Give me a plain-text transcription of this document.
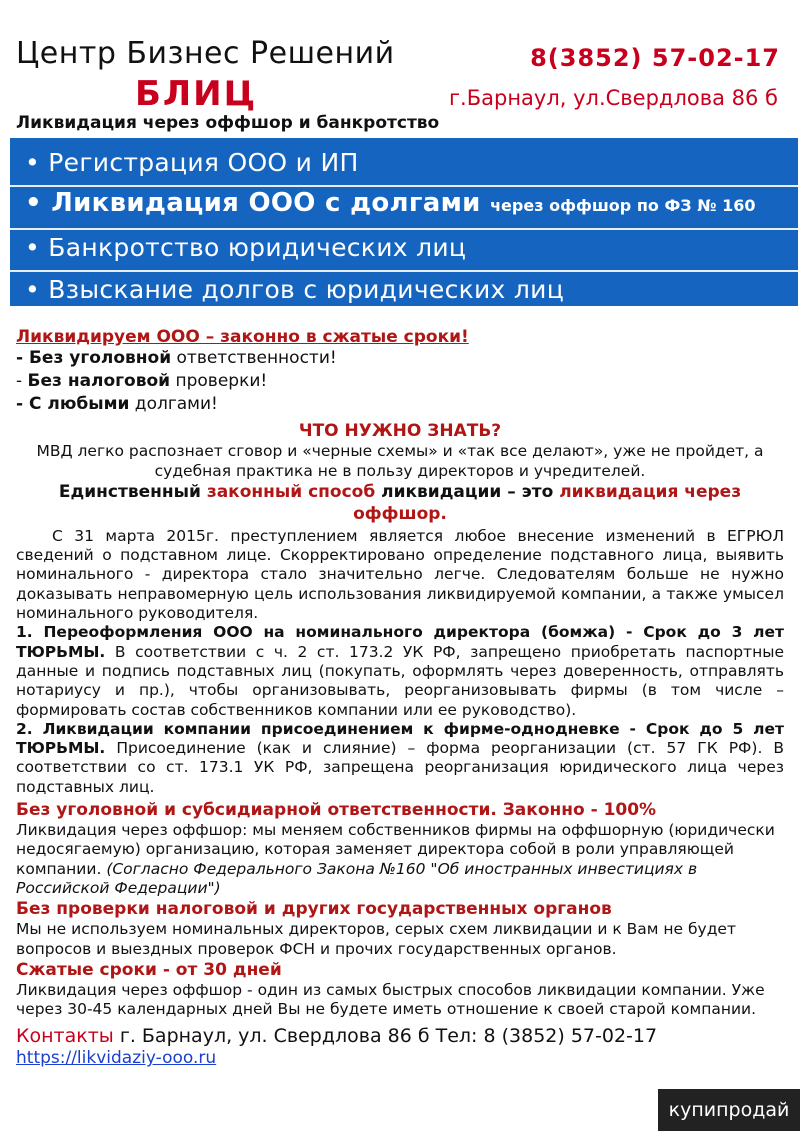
Центр Бизнес Решений	8(3852) 57-02-17
БЛИЦ	г.Барнаул, ул.Свердлова 86 б
Ликвидация через оффшор и банкротство
• Регистрация ООО и ИП
• Ликвидация ООО с долгами через оффшор по ФЗ № 160
• Банкротство юридических лиц
• Взыскание долгов с юридических лиц

Ликвидируем ООО – законно в сжатые сроки!

- Без уголовной ответственности!

- Без налоговой проверки!

- С любыми долгами!

ЧТО НУЖНО ЗНАТЬ?

МВД легко распознает сговор и «черные схемы» и «так все делают», уже не пройдет, а судебная практика не в пользу директоров и учредителей.

Единственный законный способ ликвидации – это ликвидация через оффшор.

С 31 марта 2015г. преступлением является любое внесение изменений в ЕГРЮЛ сведений о подставном лице. Скорректировано определение подставного лица, выявить номинального - директора стало значительно легче. Следователям больше не нужно доказывать неправомерную цель использования ликвидируемой компании, а также умысел номинального руководителя.

1. Переоформления ООО на номинального директора (бомжа) - Срок до 3 лет ТЮРЬМЫ. В соответствии с ч. 2 ст. 173.2 УК РФ, запрещено приобретать паспортные данные и подпись подставных лиц (покупать, оформлять через доверенность, отправлять нотариусу и пр.), чтобы организовывать, реорганизовывать фирмы (в том числе – формировать состав собственников компании или ее руководство).

2. Ликвидации компании присоединением к фирме-однодневке - Срок до 5 лет ТЮРЬМЫ. Присоединение (как и слияние) – форма реорганизации (ст. 57 ГК РФ). В соответствии со ст. 173.1 УК РФ, запрещена реорганизация юридического лица через подставных лиц.

Без уголовной и субсидиарной ответственности. Законно - 100%

Ликвидация через оффшор: мы меняем собственников фирмы на оффшорную (юридически недосягаемую) организацию, которая заменяет директора собой в роли управляющей компании. (Согласно Федерального Закона №160 "Об иностранных инвестициях в Российской Федерации")

Без проверки налоговой и других государственных органов

Мы не используем номинальных директоров, серых схем ликвидации и к Вам не будет вопросов и выездных проверок ФСН и прочих государственных органов.

Сжатые сроки - от 30 дней

Ликвидация через оффшор - один из самых быстрых способов ликвидации компании. Уже через 30-45 календарных дней Вы не будете иметь отношение к своей старой компании.

Контакты г. Барнаул, ул. Свердлова 86 б Тел: 8 (3852) 57-02-17

https://likvidaziy-ooo.ru

купипродай
